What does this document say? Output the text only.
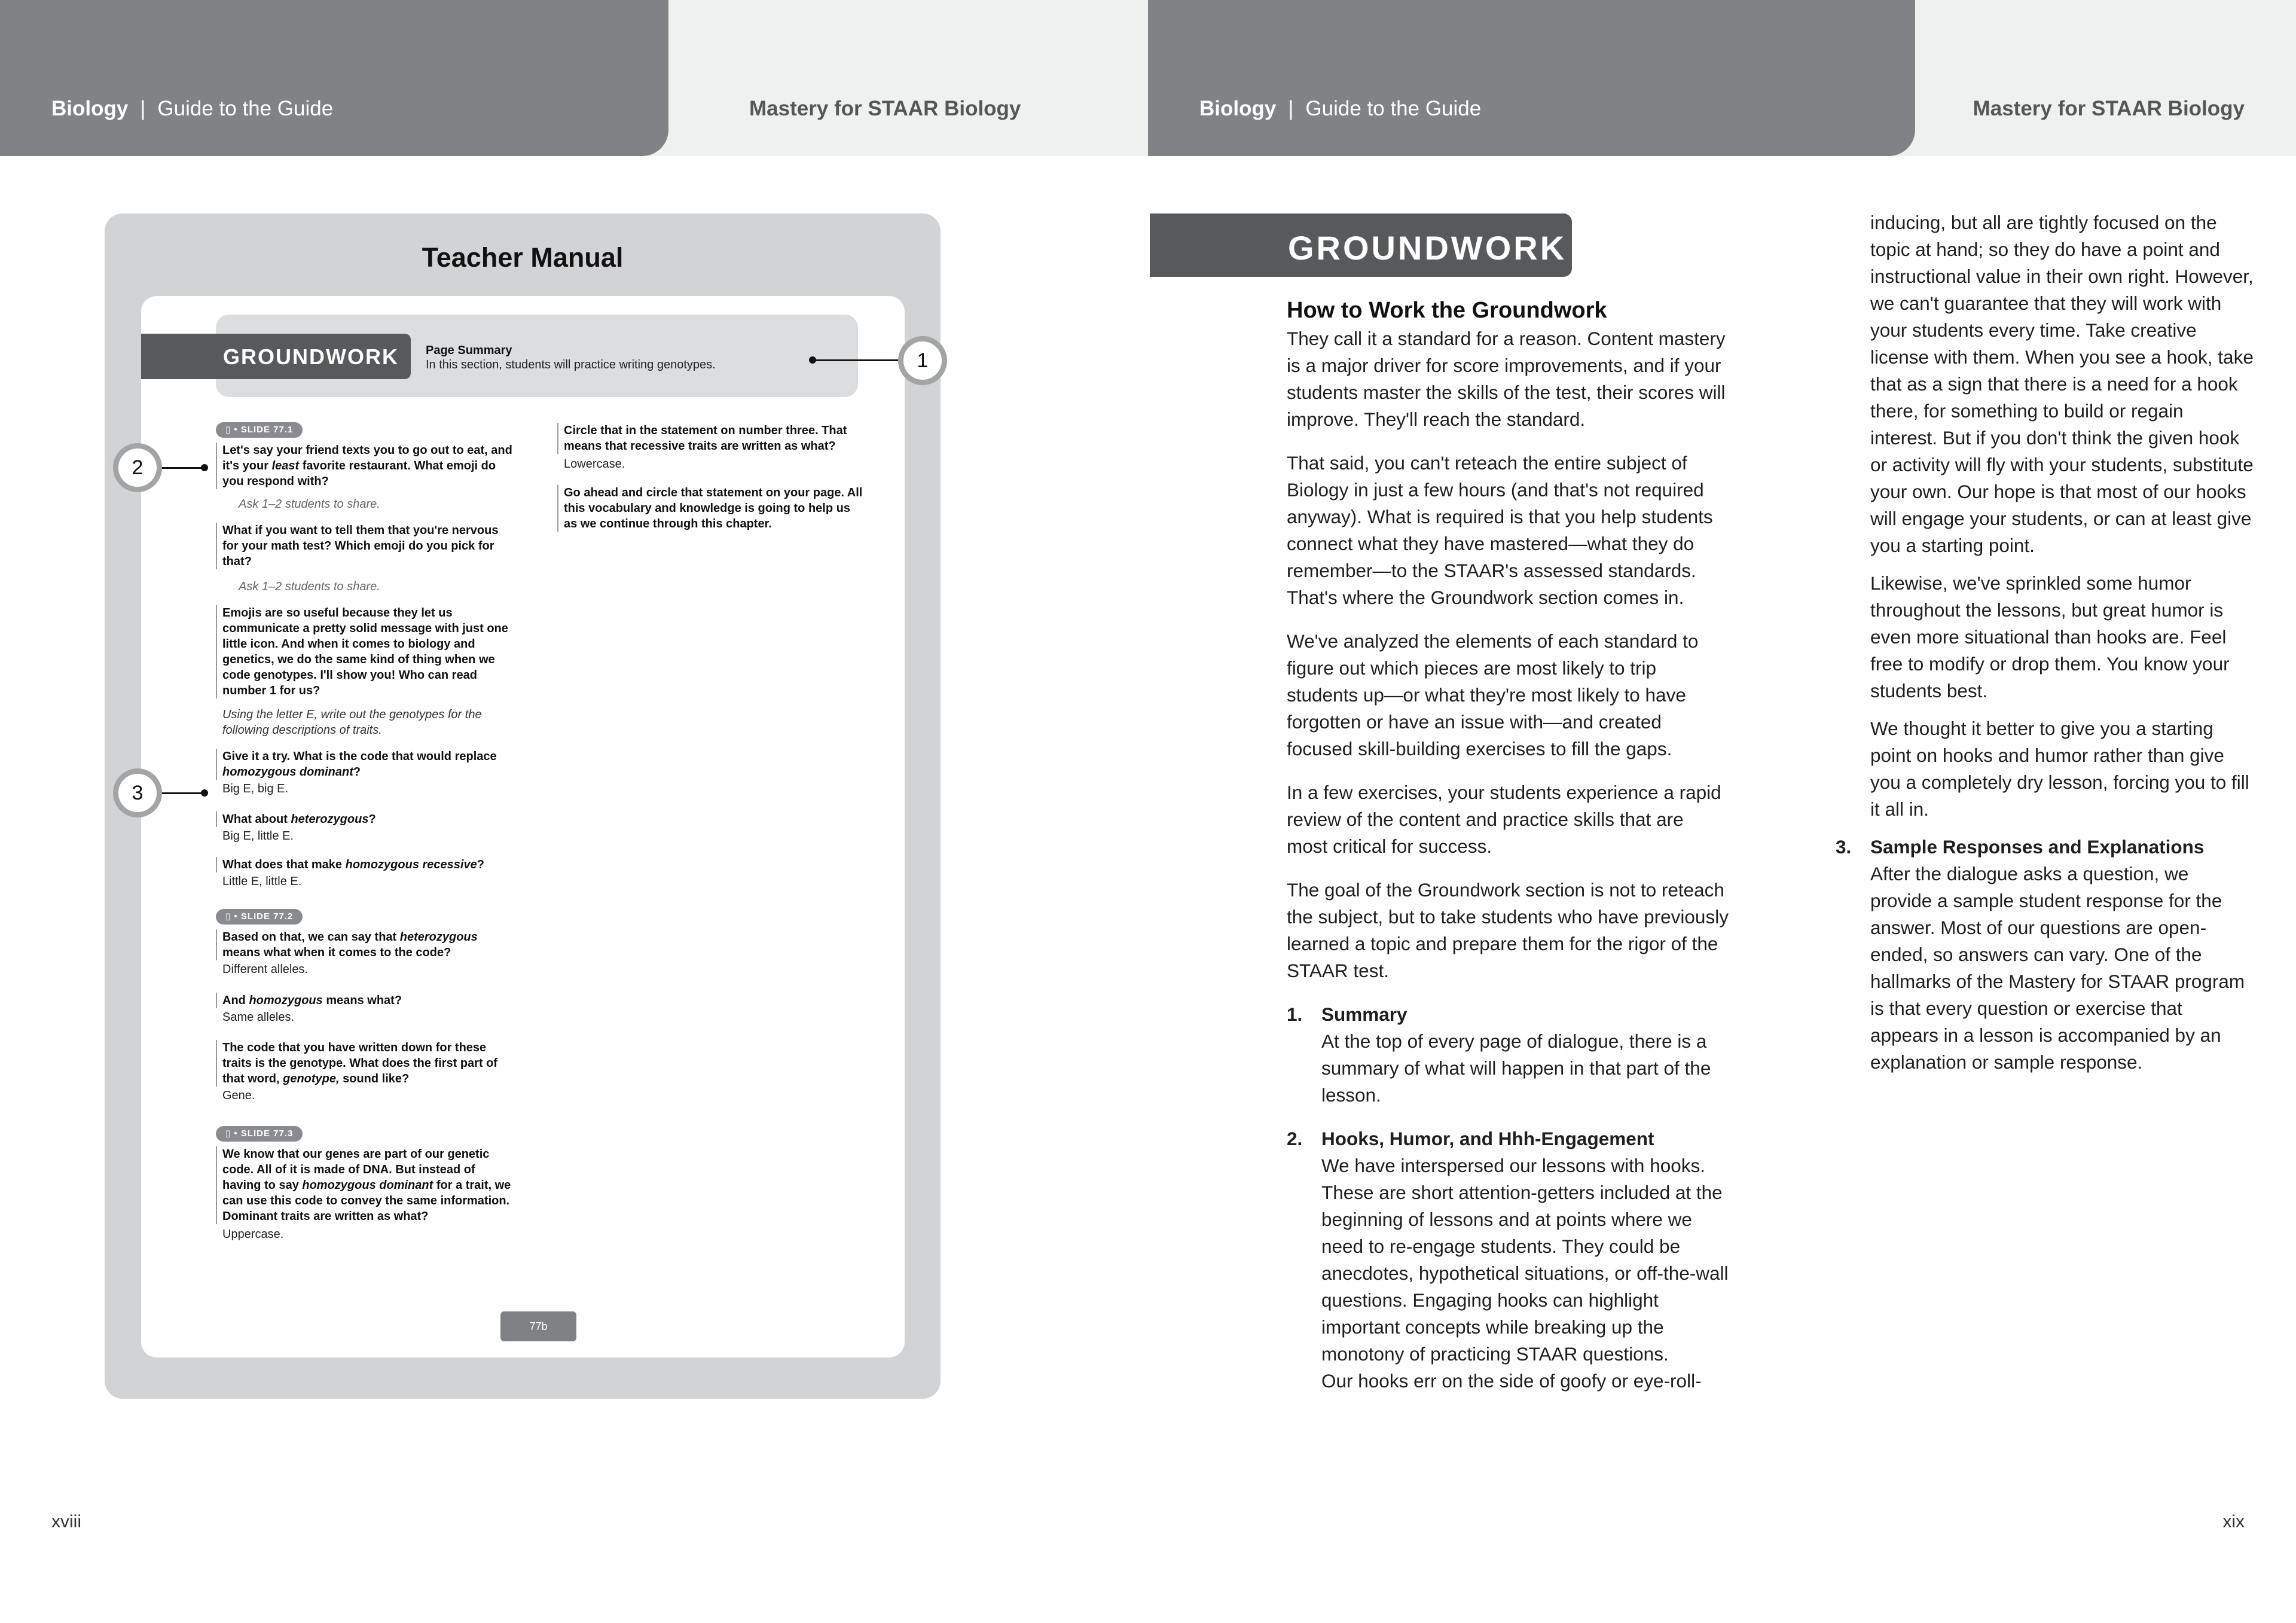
Biology | Guide to the Guide	Mastery for STAAR Biology
Teacher Manual
GROUNDWORK Page Summary
In this section, students will practice writing genotypes.
▯ • SLIDE 77.1
Let's say your friend texts you to go out to eat, and it's your least favorite restaurant. What emoji do you respond with?
Ask 1–2 students to share.
What if you want to tell them that you're nervous for your math test? Which emoji do you pick for that?
Ask 1–2 students to share.
Emojis are so useful because they let us communicate a pretty solid message with just one little icon. And when it comes to biology and genetics, we do the same kind of thing when we code genotypes. I'll show you! Who can read number 1 for us?
Using the letter E, write out the genotypes for the following descriptions of traits.
Give it a try. What is the code that would replace homozygous dominant?
Big E, big E.
What about heterozygous?
Big E, little E.
What does that make homozygous recessive?
Little E, little E.
▯ • SLIDE 77.2
Based on that, we can say that heterozygous means what when it comes to the code?
Different alleles.
And homozygous means what?
Same alleles.
The code that you have written down for these traits is the genotype. What does the first part of that word, genotype, sound like?
Gene.
▯ • SLIDE 77.3
We know that our genes are part of our genetic code. All of it is made of DNA. But instead of having to say homozygous dominant for a trait, we can use this code to convey the same information. Dominant traits are written as what?
Uppercase.
Circle that in the statement on number three. That means that recessive traits are written as what?
Lowercase.
Go ahead and circle that statement on your page. All this vocabulary and knowledge is going to help us as we continue through this chapter.
77b
1
2
3
xviii
Biology | Guide to the Guide	Mastery for STAAR Biology
GROUNDWORK
How to Work the Groundwork

They call it a standard for a reason. Content mastery is a major driver for score improvements, and if your students master the skills of the test, their scores will improve. They'll reach the standard.

That said, you can't reteach the entire subject of Biology in just a few hours (and that's not required anyway). What is required is that you help students connect what they have mastered—what they do remember—to the STAAR's assessed standards. That's where the Groundwork section comes in.

We've analyzed the elements of each standard to figure out which pieces are most likely to trip students up—or what they're most likely to have forgotten or have an issue with—and created focused skill-building exercises to fill the gaps.

In a few exercises, your students experience a rapid review of the content and practice skills that are most critical for success.

The goal of the Groundwork section is not to reteach the subject, but to take students who have previously learned a topic and prepare them for the rigor of the STAAR test.

1. Summary
At the top of every page of dialogue, there is a summary of what will happen in that part of the lesson.
2. Hooks, Humor, and Hhh-Engagement
We have interspersed our lessons with hooks. These are short attention-getters included at the beginning of lessons and at points where we need to re-engage students. They could be anecdotes, hypothetical situations, or off-the-wall questions. Engaging hooks can highlight important concepts while breaking up the monotony of practicing STAAR questions.
Our hooks err on the side of goofy or eye-roll-

inducing, but all are tightly focused on the topic at hand; so they do have a point and instructional value in their own right. However, we can't guarantee that they will work with your students every time. Take creative license with them. When you see a hook, take that as a sign that there is a need for a hook there, for something to build or regain interest. But if you don't think the given hook or activity will fly with your students, substitute your own. Our hope is that most of our hooks will engage your students, or can at least give you a starting point.

Likewise, we've sprinkled some humor throughout the lessons, but great humor is even more situational than hooks are. Feel free to modify or drop them. You know your students best.

We thought it better to give you a starting point on hooks and humor rather than give you a completely dry lesson, forcing you to fill it all in.

3. Sample Responses and Explanations
After the dialogue asks a question, we provide a sample student response for the answer. Most of our questions are open-ended, so answers can vary. One of the hallmarks of the Mastery for STAAR program is that every question or exercise that appears in a lesson is accompanied by an explanation or sample response.
xix
